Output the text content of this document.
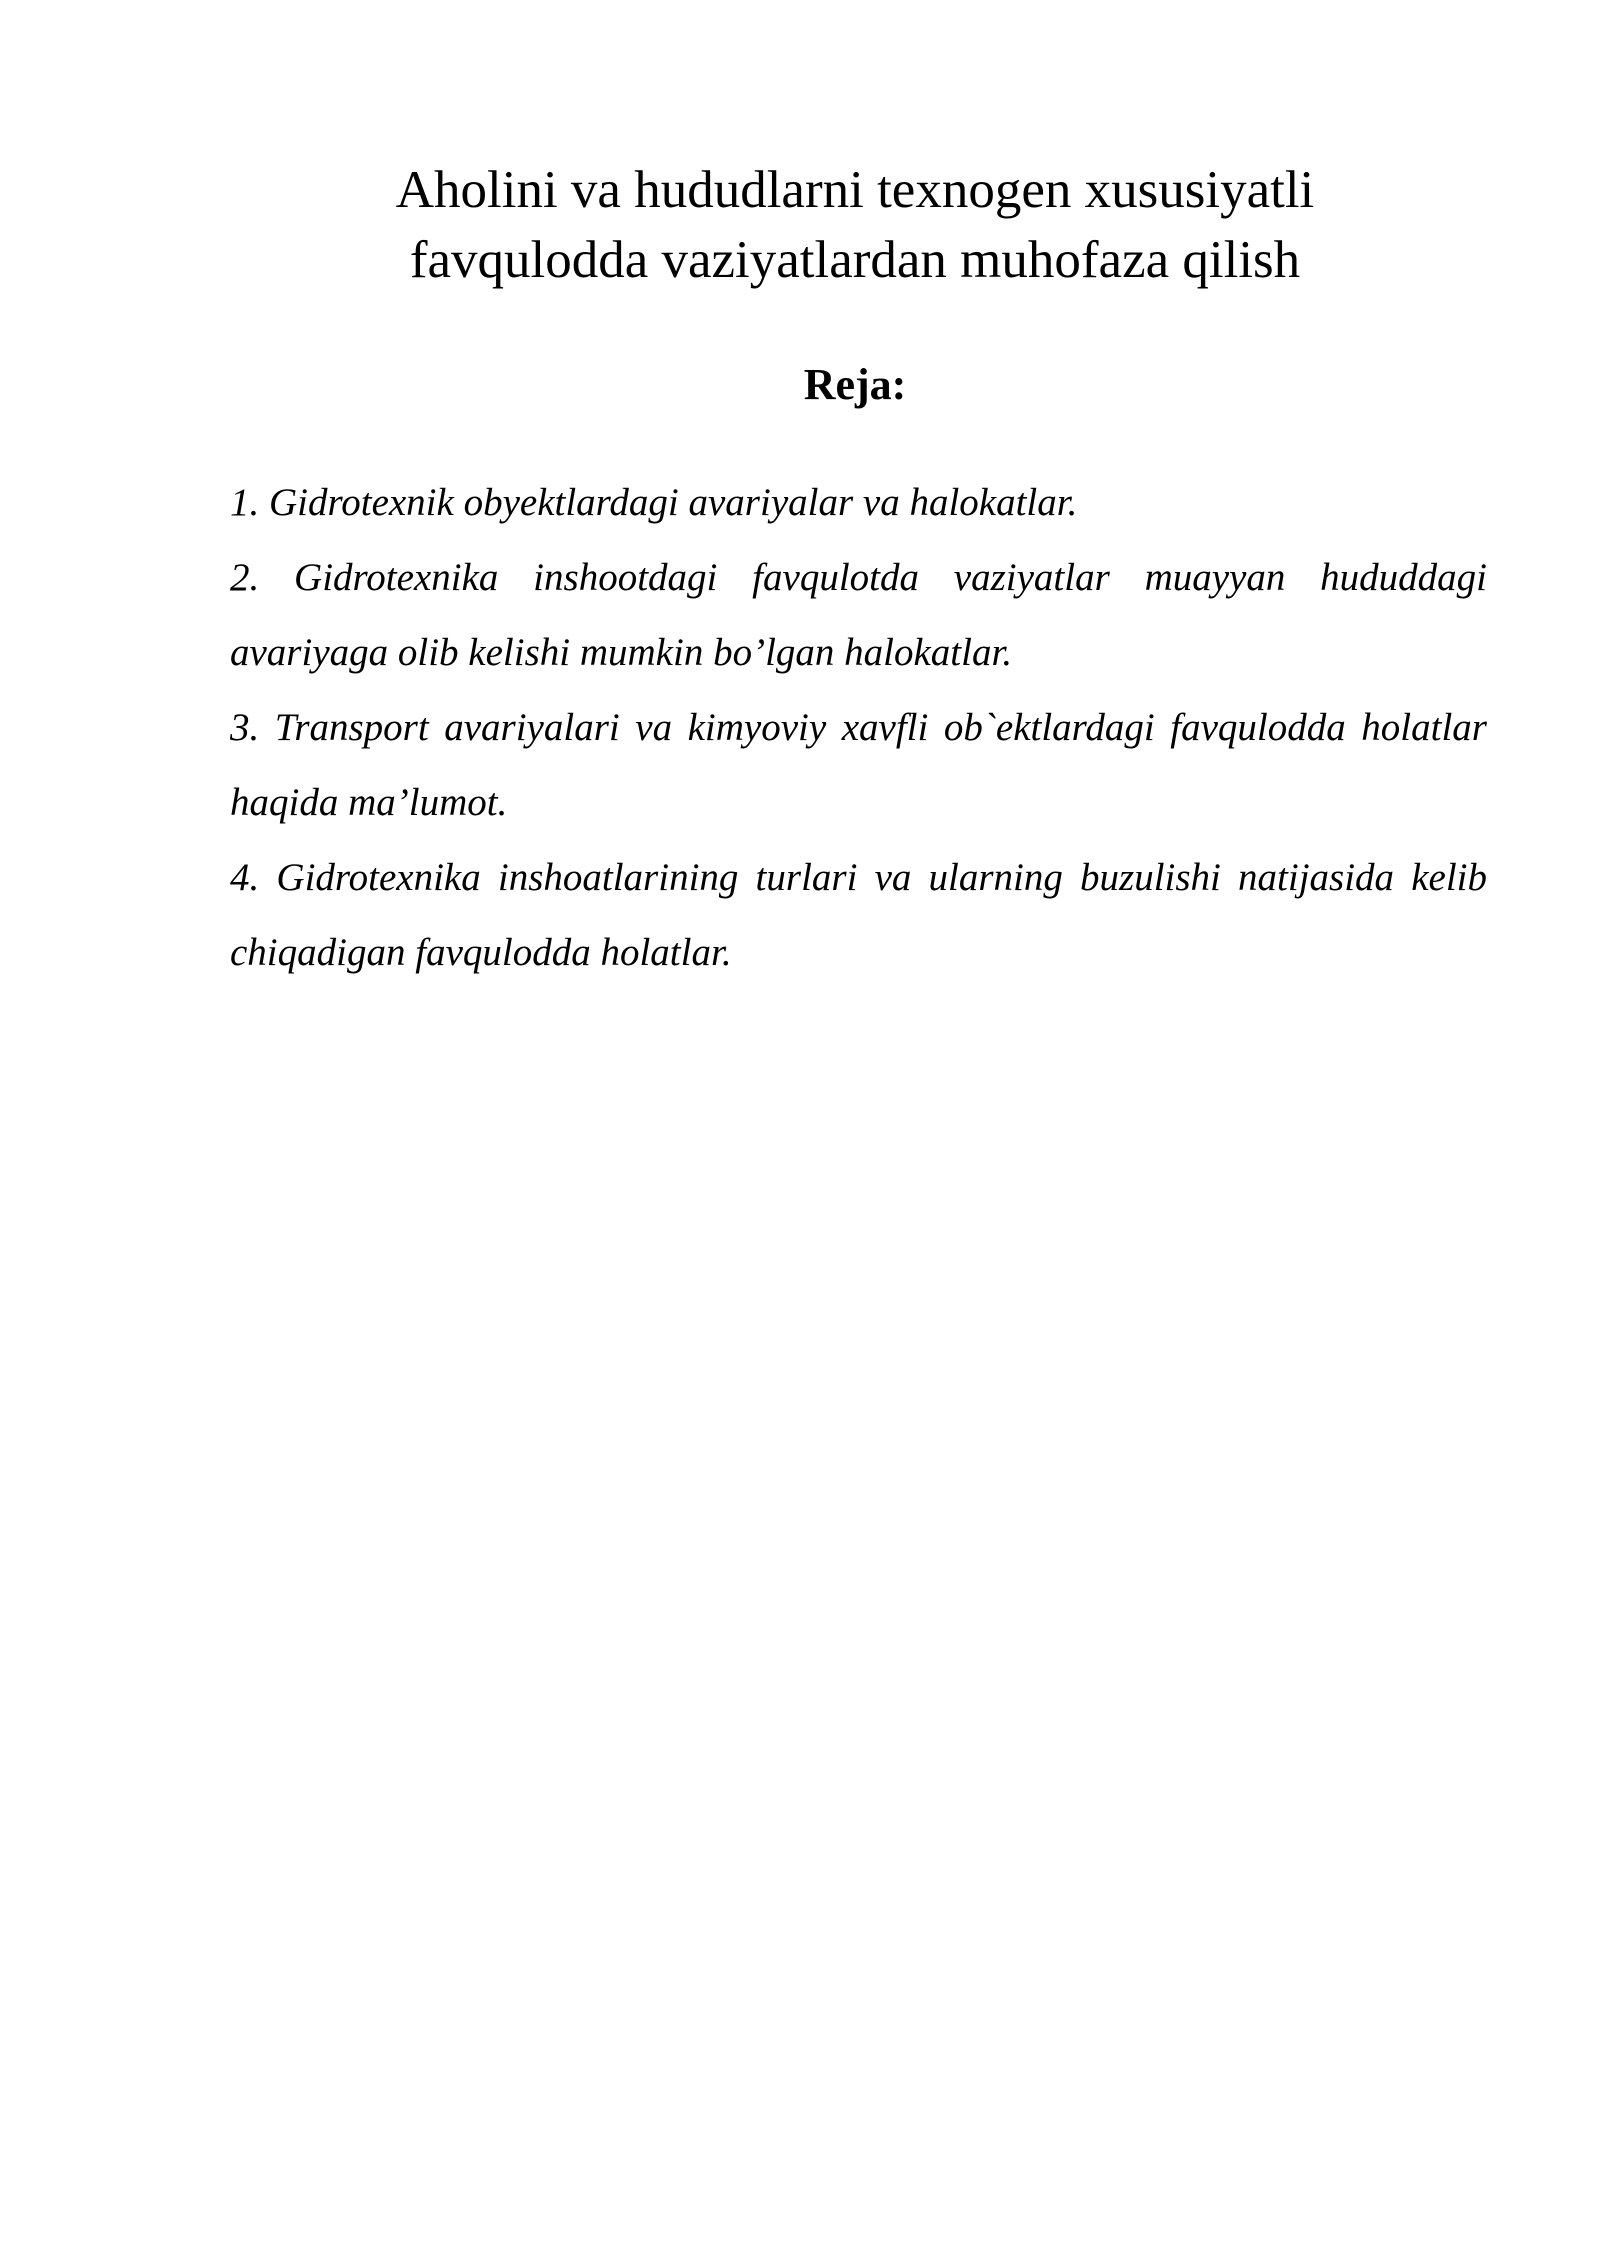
Aholini va hududlarni texnogen xususiyatli
favqulodda vaziyatlardan muhofaza qilish
Reja:
1. Gidrotexnik obyektlardagi avariyalar va halokatlar.
2. Gidrotexnika inshootdagi favqulotda vaziyatlar muayyan hududdagi avariyaga olib kelishi mumkin bo’lgan halokatlar.
3. Transport avariyalari va kimyoviy xavfli ob`ektlardagi favqulodda holatlar haqida ma’lumot.
4. Gidrotexnika inshoatlarining turlari va ularning buzulishi natijasida kelib chiqadigan favqulodda holatlar.
